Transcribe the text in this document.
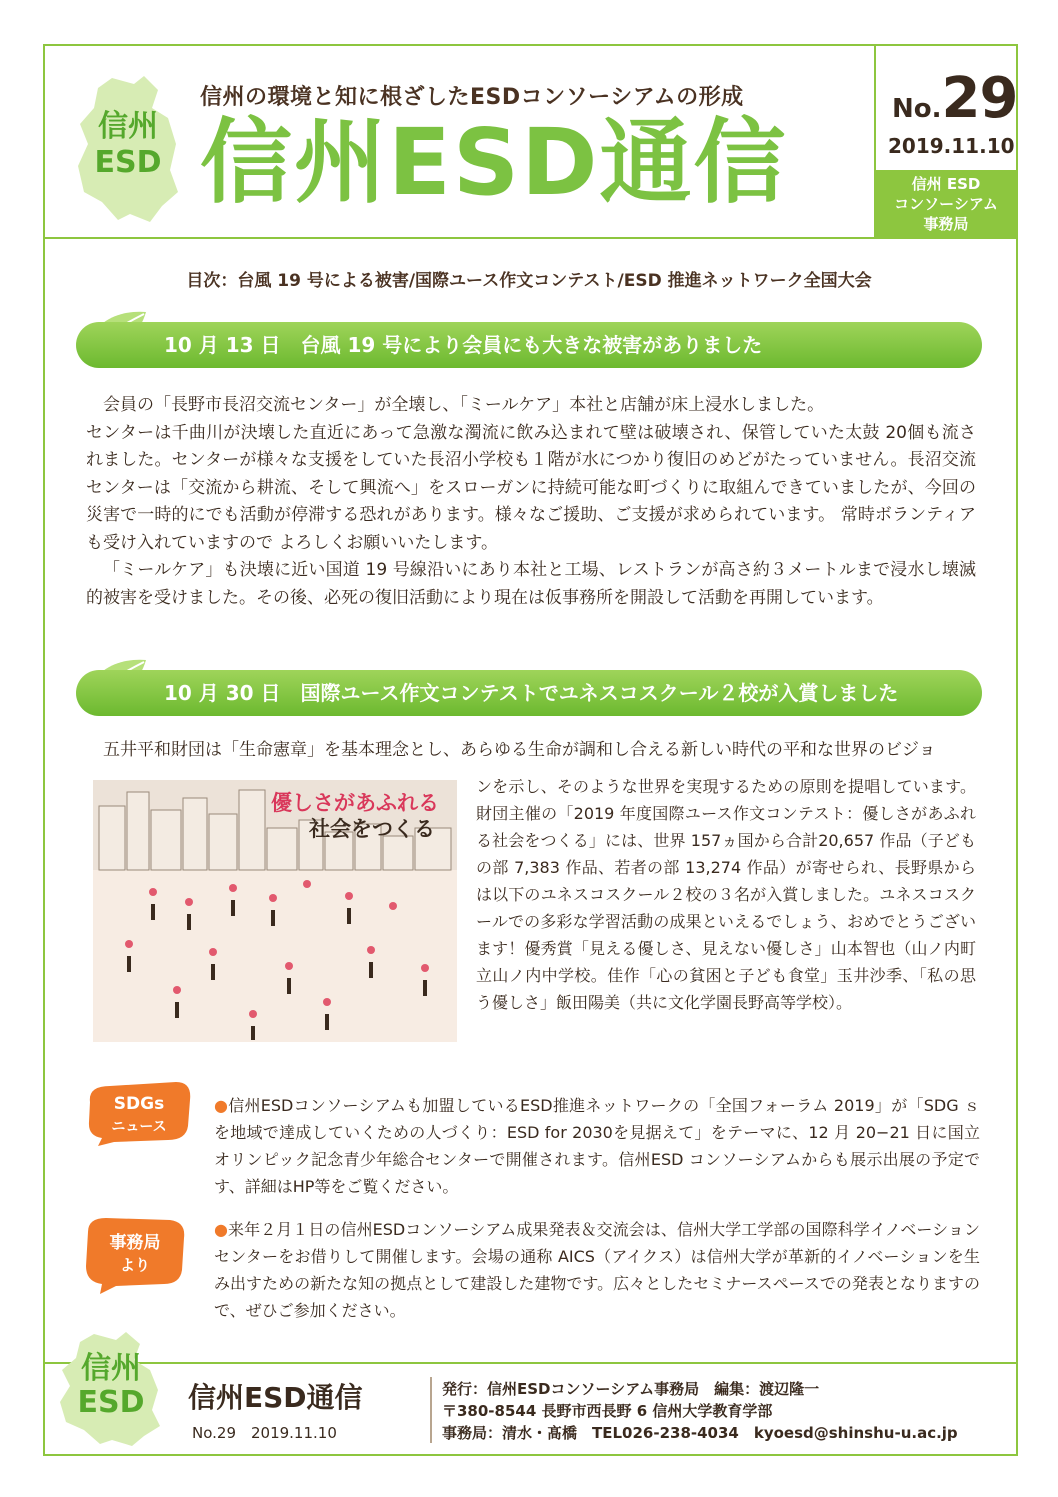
信州
ESD
信州の環境と知に根ざしたESDコンソーシアムの形成
信州ESD通信	No.29
2019.11.10
信州 ESD
コンソーシアム
事務局
目次：台風 19 号による被害/国際ユース作文コンテスト/ESD 推進ネットワーク全国大会
10 月 13 日　台風 19 号により会員にも大きな被害がありました

会員の「長野市長沼交流センター」が全壊し、「ミールケア」本社と店舗が床上浸水しました。

センターは千曲川が決壊した直近にあって急激な濁流に飲み込まれて壁は破壊され、保管していた太鼓 20個も流されました。センターが様々な支援をしていた長沼小学校も１階が水につかり復旧のめどがたっていません。長沼交流センターは「交流から耕流、そして興流へ」をスローガンに持続可能な町づくりに取組んできていましたが、今回の災害で一時的にでも活動が停滞する恐れがあります。様々なご援助、ご支援が求められています。 常時ボランティアも受け入れていますので よろしくお願いいたします。

「ミールケア」も決壊に近い国道 19 号線沿いにあり本社と工場、レストランが高さ約３メートルまで浸水し壊滅的被害を受けました。その後、必死の復旧活動により現在は仮事務所を開設して活動を再開しています。

10 月 30 日　国際ユース作文コンテストでユネスコスクール２校が入賞しました
五井平和財団は「生命憲章」を基本理念とし、あらゆる生命が調和し合える新しい時代の平和な世界のビジョ
優しさがあふれる
社会をつくる

ンを示し、そのような世界を実現するための原則を提唱しています。財団主催の「2019 年度国際ユース作文コンテスト：優しさがあふれる社会をつくる」には、世界 157ヵ国から合計20,657 作品（子どもの部 7,383 作品、若者の部 13,274 作品）が寄せられ、長野県からは以下のユネスコスクール２校の３名が入賞しました。ユネスコスクールでの多彩な学習活動の成果といえるでしょう、おめでとうございます！優秀賞「見える優しさ、見えない優しさ」山本智也（山ノ内町立山ノ内中学校。佳作「心の貧困と子ども食堂」玉井沙季、「私の思う優しさ」飯田陽美（共に文化学園長野高等学校）。

SDGs
ニュース

●信州ESDコンソーシアムも加盟しているESD推進ネットワークの「全国フォーラム 2019」が「SDG ｓを地域で達成していくための人づくり：ESD for 2030を見据えて」をテーマに、12 月 20−21 日に国立オリンピック記念青少年総合センターで開催されます。信州ESD コンソーシアムからも展示出展の予定です、詳細はHP等をご覧ください。

事務局
より

●来年２月１日の信州ESDコンソーシアム成果発表＆交流会は、信州大学工学部の国際科学イノベーションセンターをお借りして開催します。会場の通称 AICS（アイクス）は信州大学が革新的イノベーションを生み出すための新たな知の拠点として建設した建物です。広々としたセミナースペースでの発表となりますので、ぜひご参加ください。

信州
ESD	信州ESD通信
No.29　2019.11.10
発行：信州ESDコンソーシアム事務局　編集：渡辺隆一
〒380-8544 長野市西長野 6 信州大学教育学部
事務局：清水・髙橋　TEL026-238-4034　kyoesd@shinshu-u.ac.jp
